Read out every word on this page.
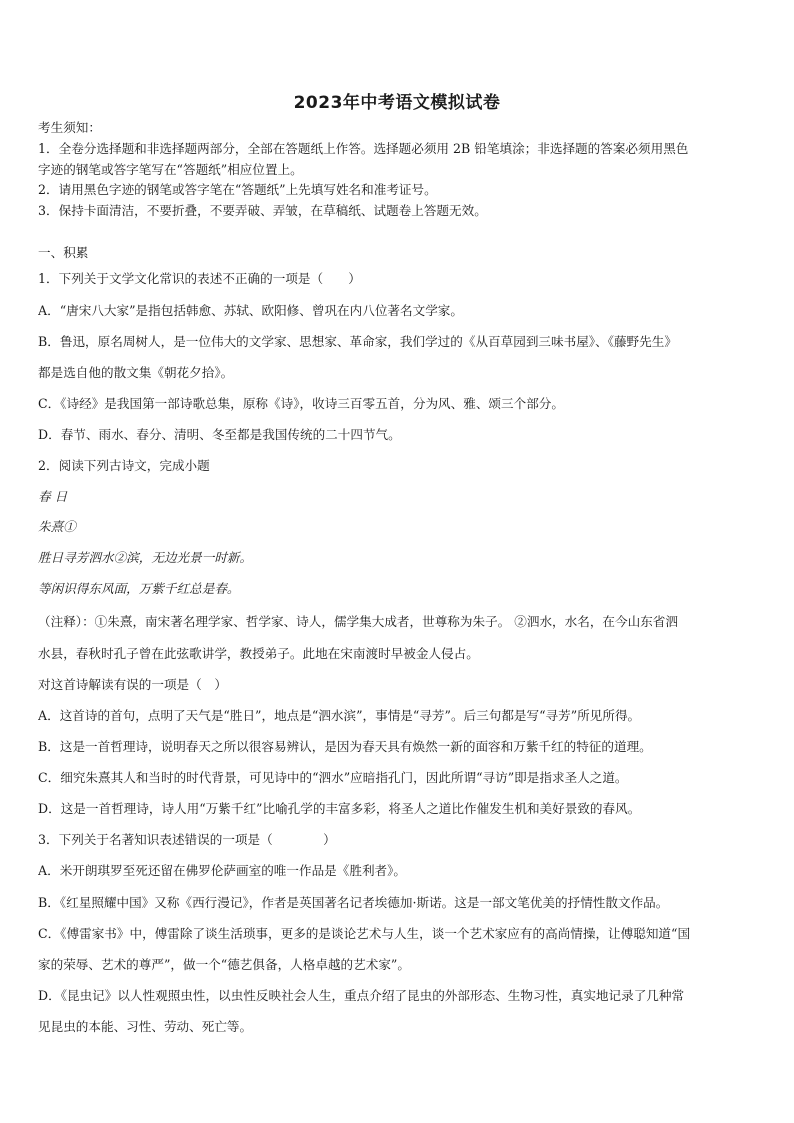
2023年中考语文模拟试卷
考生须知：
1．全卷分选择题和非选择题两部分，全部在答题纸上作答。选择题必须用 2B 铅笔填涂；非选择题的答案必须用黑色
字迹的钢笔或答字笔写在“答题纸”相应位置上。
2．请用黑色字迹的钢笔或答字笔在“答题纸”上先填写姓名和准考证号。
3．保持卡面清洁，不要折叠，不要弄破、弄皱，在草稿纸、试题卷上答题无效。
一、积累
1．下列关于文学文化常识的表述不正确的一项是（　　）
A．“唐宋八大家”是指包括韩愈、苏轼、欧阳修、曾巩在内八位著名文学家。
B．鲁迅，原名周树人，是一位伟大的文学家、思想家、革命家，我们学过的《从百草园到三味书屋》、《藤野先生》
都是选自他的散文集《朝花夕拾》。
C．《诗经》是我国第一部诗歌总集，原称《诗》，收诗三百零五首，分为风、雅、颂三个部分。
D．春节、雨水、春分、清明、冬至都是我国传统的二十四节气。
2．阅读下列古诗文，完成小题
春 日
朱熹①
胜日寻芳泗水②滨，无边光景一时新。
等闲识得东风面，万紫千红总是春。
（注释）：①朱熹，南宋著名理学家、哲学家、诗人，儒学集大成者，世尊称为朱子。 ②泗水，水名，在今山东省泗
水县，春秋时孔子曾在此弦歌讲学，教授弟子。此地在宋南渡时早被金人侵占。
对这首诗解读有误的一项是（　）
A．这首诗的首句，点明了天气是“胜日”，地点是“泗水滨”，事情是“寻芳”。后三句都是写“寻芳”所见所得。
B．这是一首哲理诗，说明春天之所以很容易辨认，是因为春天具有焕然一新的面容和万紫千红的特征的道理。
C．细究朱熹其人和当时的时代背景，可见诗中的“泗水”应暗指孔门，因此所谓“寻访”即是指求圣人之道。
D．这是一首哲理诗，诗人用“万紫千红”比喻孔学的丰富多彩，将圣人之道比作催发生机和美好景致的春风。
3．下列关于名著知识表述错误的一项是（　　　　）
A．米开朗琪罗至死还留在佛罗伦萨画室的唯一作品是《胜利者》。
B．《红星照耀中国》又称《西行漫记》，作者是英国著名记者埃德加·斯诺。这是一部文笔优美的抒情性散文作品。
C．《傅雷家书》中，傅雷除了谈生活琐事，更多的是谈论艺术与人生，谈一个艺术家应有的高尚情操，让傅聪知道“国
家的荣辱、艺术的尊严”，做一个“德艺俱备，人格卓越的艺术家”。
D．《昆虫记》以人性观照虫性，以虫性反映社会人生，重点介绍了昆虫的外部形态、生物习性，真实地记录了几种常
见昆虫的本能、习性、劳动、死亡等。
